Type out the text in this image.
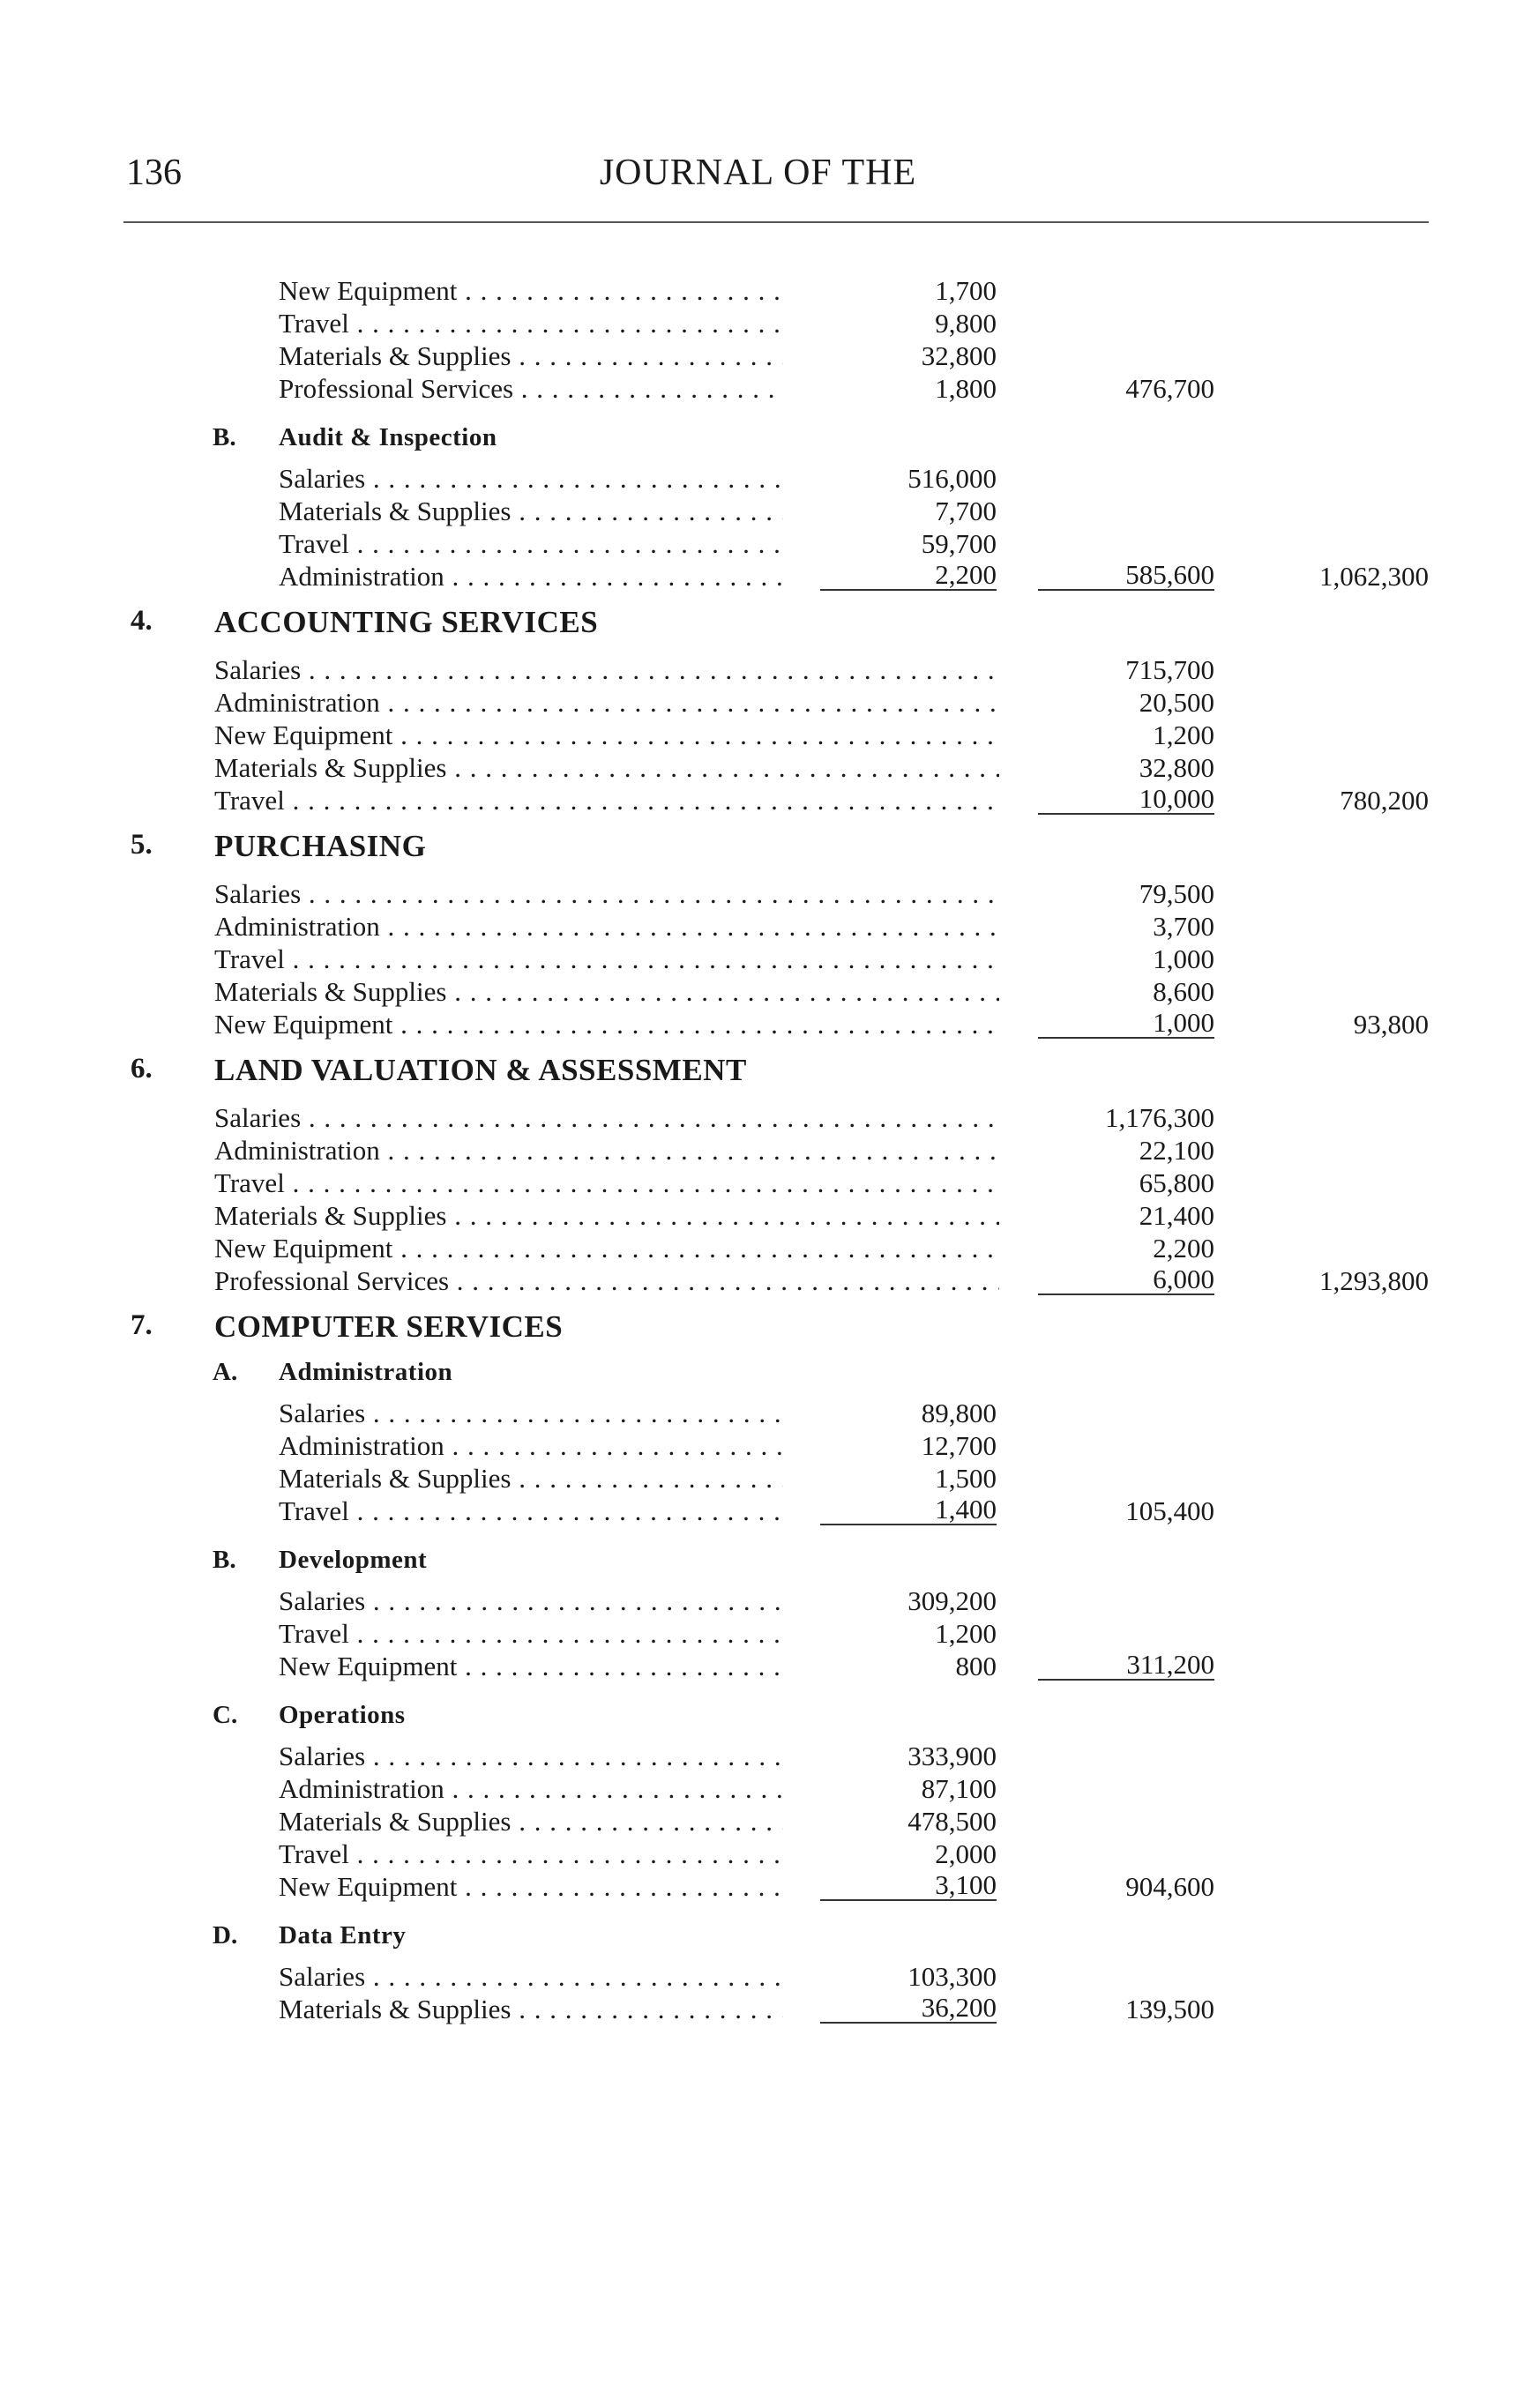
136	JOURNAL OF THE
New Equipment . . .	1,700
Travel . . .	9,800
Materials & Supplies . . .	32,800
Professional Services . . .	1,800	476,700
B. Audit & Inspection
Salaries . . .	516,000
Materials & Supplies . . .	7,700
Travel . . .	59,700
Administration . . .	2,200	585,600	1,062,300
4. ACCOUNTING SERVICES
Salaries . . .	715,700
Administration . . .	20,500
New Equipment . . .	1,200
Materials & Supplies . . .	32,800
Travel . . .	10,000	780,200
5. PURCHASING
Salaries . . .	79,500
Administration . . .	3,700
Travel . . .	1,000
Materials & Supplies . . .	8,600
New Equipment . . .	1,000	93,800
6. LAND VALUATION & ASSESSMENT
Salaries . . .	1,176,300
Administration . . .	22,100
Travel . . .	65,800
Materials & Supplies . . .	21,400
New Equipment . . .	2,200
Professional Services . . .	6,000	1,293,800
7. COMPUTER SERVICES
A. Administration
Salaries . . .	89,800
Administration . . .	12,700
Materials & Supplies . . .	1,500
Travel . . .	1,400	105,400
B. Development
Salaries . . .	309,200
Travel . . .	1,200
New Equipment . . .	800	311,200
C. Operations
Salaries . . .	333,900
Administration . . .	87,100
Materials & Supplies . . .	478,500
Travel . . .	2,000
New Equipment . . .	3,100	904,600
D. Data Entry
Salaries . . .	103,300
Materials & Supplies . . .	36,200	139,500
